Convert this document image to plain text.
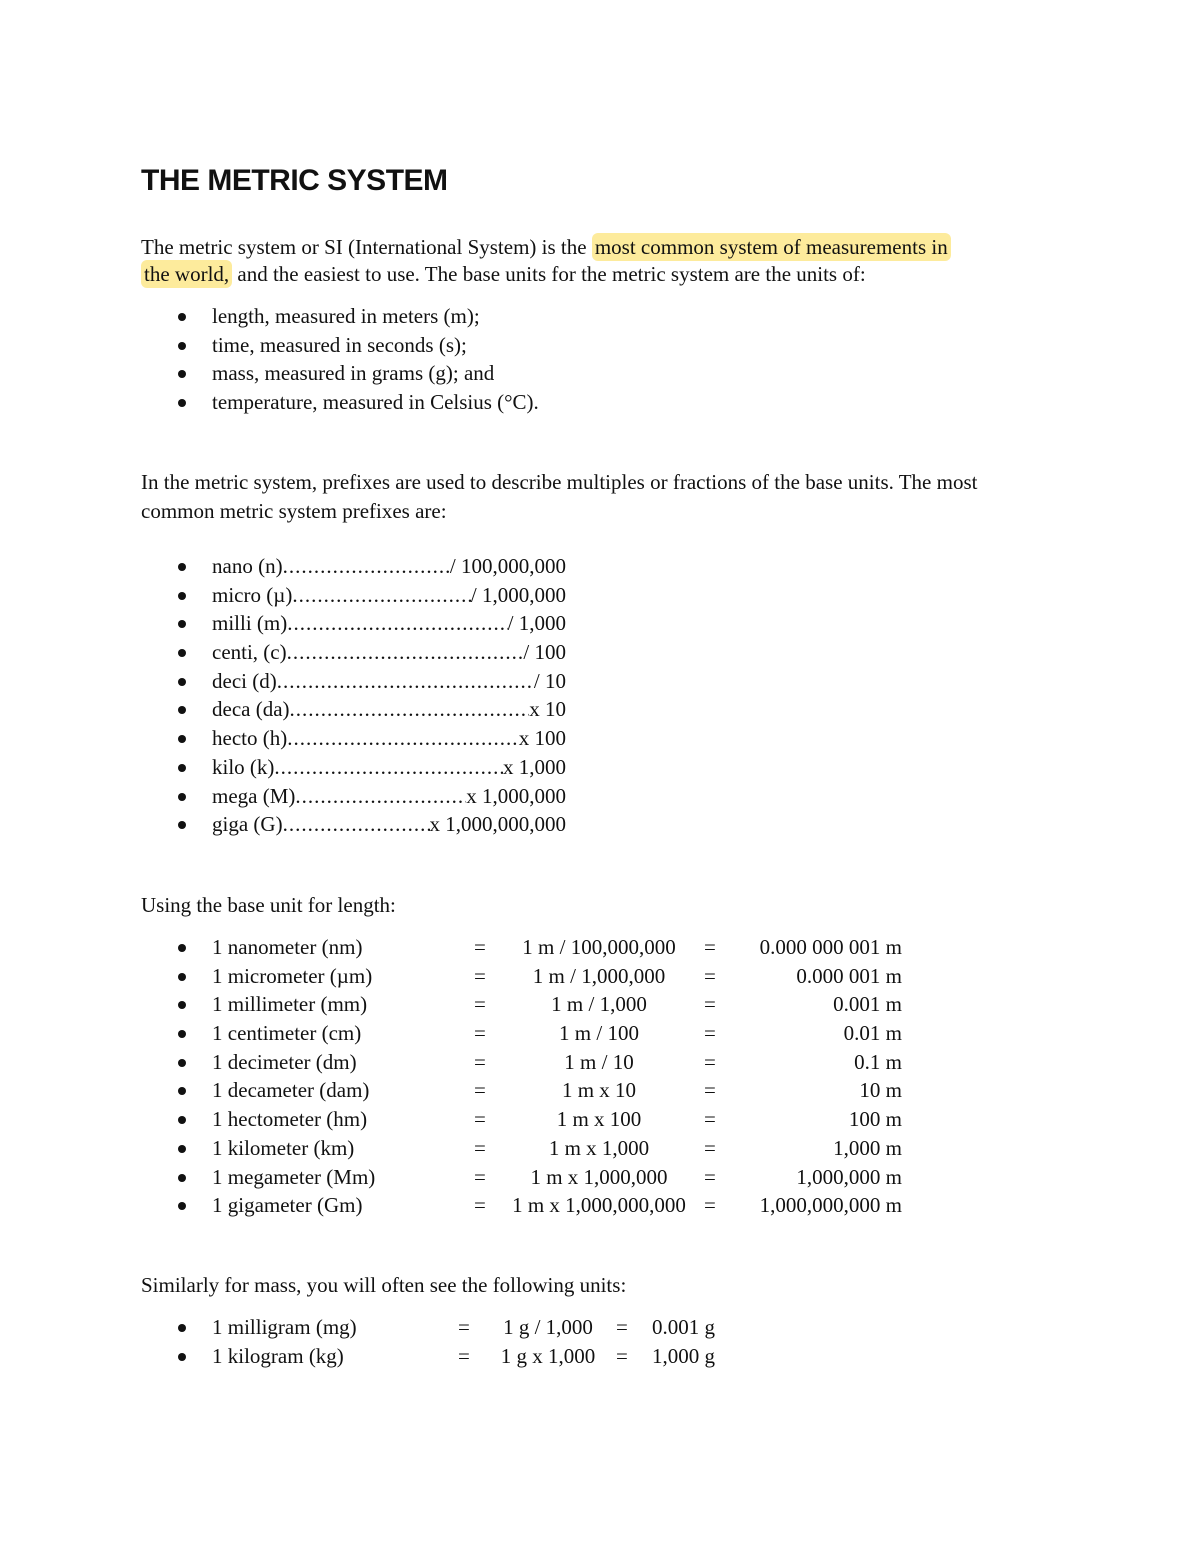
THE METRIC SYSTEM

The metric system or SI (International System) is the most common system of measurements in
the world, and the easiest to use. The base units for the metric system are the units of:

length, measured in meters (m);
time, measured in seconds (s);
mass, measured in grams (g); and
temperature, measured in Celsius (°C).

In the metric system, prefixes are used to describe multiples or fractions of the base units. The most common metric system prefixes are:

nano (n) .....	/ 100,000,000
micro (µ) .....	/ 1,000,000
milli (m) .....	/ 1,000
centi, (c) .....	/ 100
deci (d) .....	/ 10
deca (da) .....	x 10
hecto (h) .....	x 100
kilo (k) .....	x 1,000
mega (M) .....	x 1,000,000
giga (G) .....	x 1,000,000,000

Using the base unit for length:

1 nanometer (nm)	=	1 m / 100,000,000	=	0.000 000 001 m
1 micrometer (µm)	=	1 m / 1,000,000	=	0.000 001 m
1 millimeter (mm)	=	1 m / 1,000	=	0.001 m
1 centimeter (cm)	=	1 m / 100	=	0.01 m
1 decimeter (dm)	=	1 m / 10	=	0.1 m
1 decameter (dam)	=	1 m x 10	=	10 m
1 hectometer (hm)	=	1 m x 100	=	100 m
1 kilometer (km)	=	1 m x 1,000	=	1,000 m
1 megameter (Mm)	=	1 m x 1,000,000	=	1,000,000 m
1 gigameter (Gm)	=	1 m x 1,000,000,000 =	1,000,000,000 m

Similarly for mass, you will often see the following units:

1 milligram (mg)	=	1 g / 1,000	= 0.001 g
1 kilogram (kg)	=	1 g x 1,000 = 1,000 g
